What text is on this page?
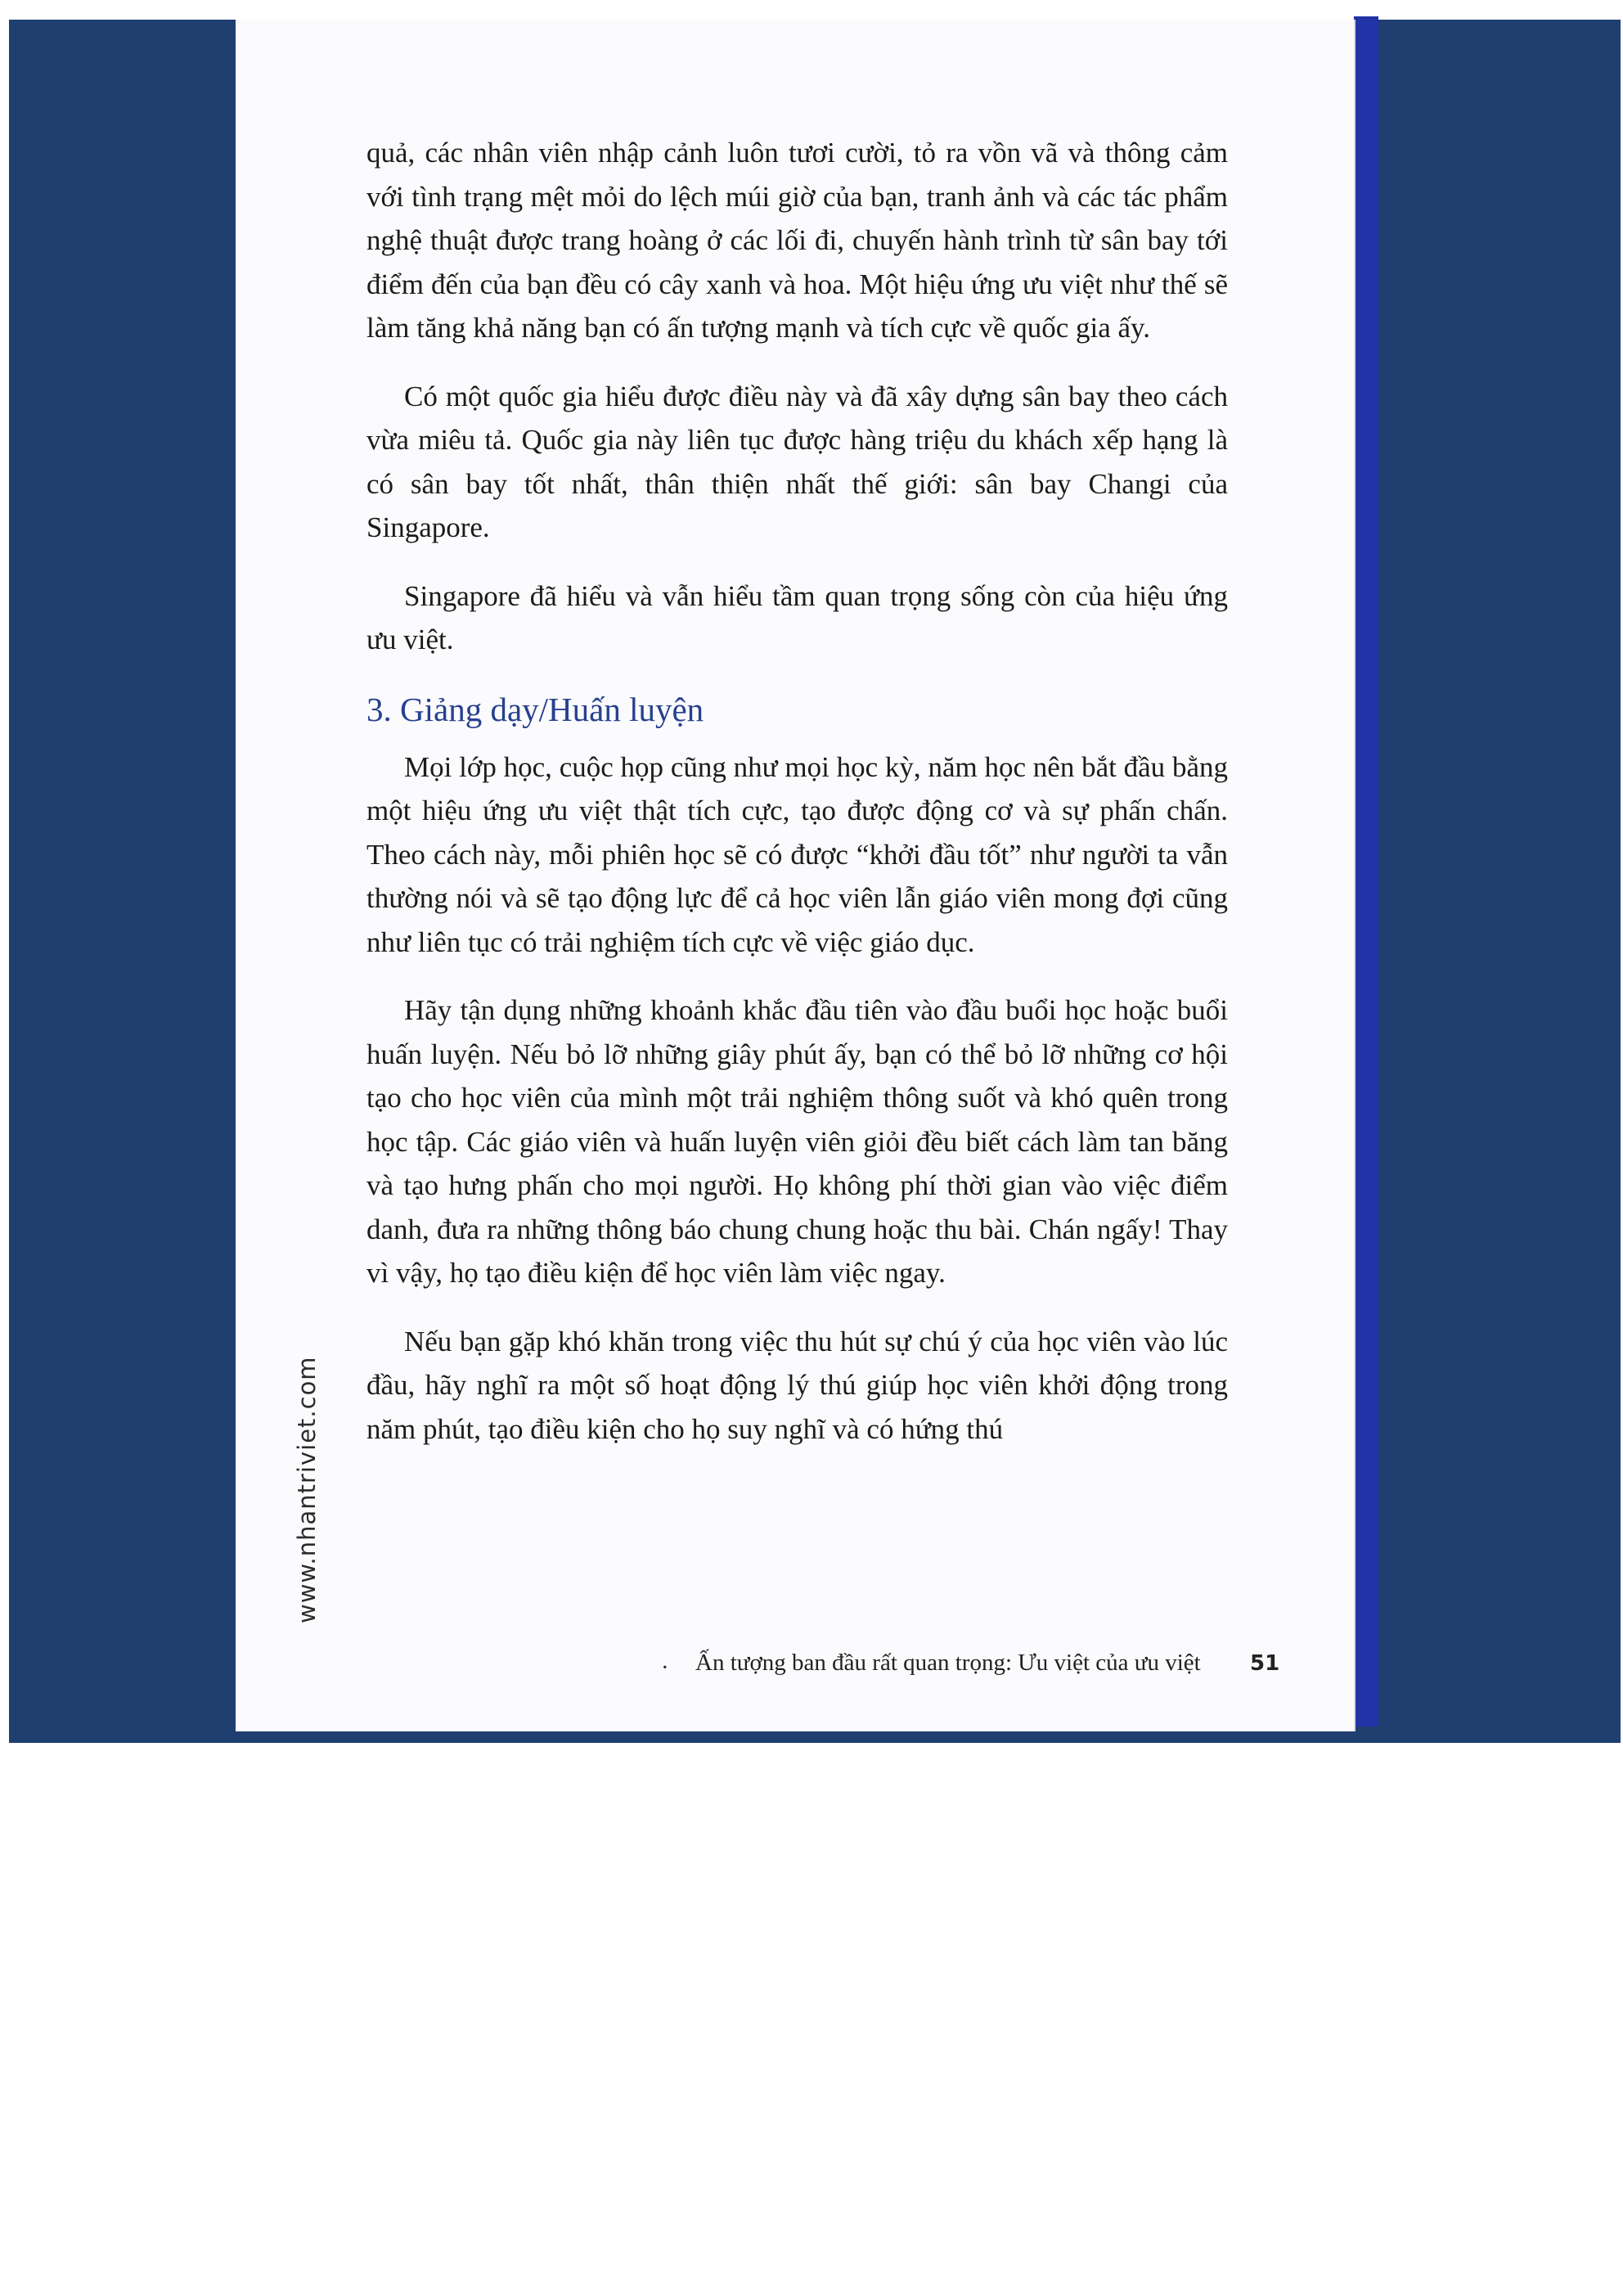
quả, các nhân viên nhập cảnh luôn tươi cười, tỏ ra vồn vã và thông cảm với tình trạng mệt mỏi do lệch múi giờ của bạn, tranh ảnh và các tác phẩm nghệ thuật được trang hoàng ở các lối đi, chuyến hành trình từ sân bay tới điểm đến của bạn đều có cây xanh và hoa. Một hiệu ứng ưu việt như thế sẽ làm tăng khả năng bạn có ấn tượng mạnh và tích cực về quốc gia ấy.

Có một quốc gia hiểu được điều này và đã xây dựng sân bay theo cách vừa miêu tả. Quốc gia này liên tục được hàng triệu du khách xếp hạng là có sân bay tốt nhất, thân thiện nhất thế giới: sân bay Changi của Singapore.

Singapore đã hiểu và vẫn hiểu tầm quan trọng sống còn của hiệu ứng ưu việt.

3. Giảng dạy/Huấn luyện

Mọi lớp học, cuộc họp cũng như mọi học kỳ, năm học nên bắt đầu bằng một hiệu ứng ưu việt thật tích cực, tạo được động cơ và sự phấn chấn. Theo cách này, mỗi phiên học sẽ có được “khởi đầu tốt” như người ta vẫn thường nói và sẽ tạo động lực để cả học viên lẫn giáo viên mong đợi cũng như liên tục có trải nghiệm tích cực về việc giáo dục.

Hãy tận dụng những khoảnh khắc đầu tiên vào đầu buổi học hoặc buổi huấn luyện. Nếu bỏ lỡ những giây phút ấy, bạn có thể bỏ lỡ những cơ hội tạo cho học viên của mình một trải nghiệm thông suốt và khó quên trong học tập. Các giáo viên và huấn luyện viên giỏi đều biết cách làm tan băng và tạo hưng phấn cho mọi người. Họ không phí thời gian vào việc điểm danh, đưa ra những thông báo chung chung hoặc thu bài. Chán ngấy! Thay vì vậy, họ tạo điều kiện để học viên làm việc ngay.

Nếu bạn gặp khó khăn trong việc thu hút sự chú ý của học viên vào lúc đầu, hãy nghĩ ra một số hoạt động lý thú giúp học viên khởi động trong năm phút, tạo điều kiện cho họ suy nghĩ và có hứng thú

www.nhantriviet.com
· Ấn tượng ban đầu rất quan trọng: Ưu việt của ưu việt 51
